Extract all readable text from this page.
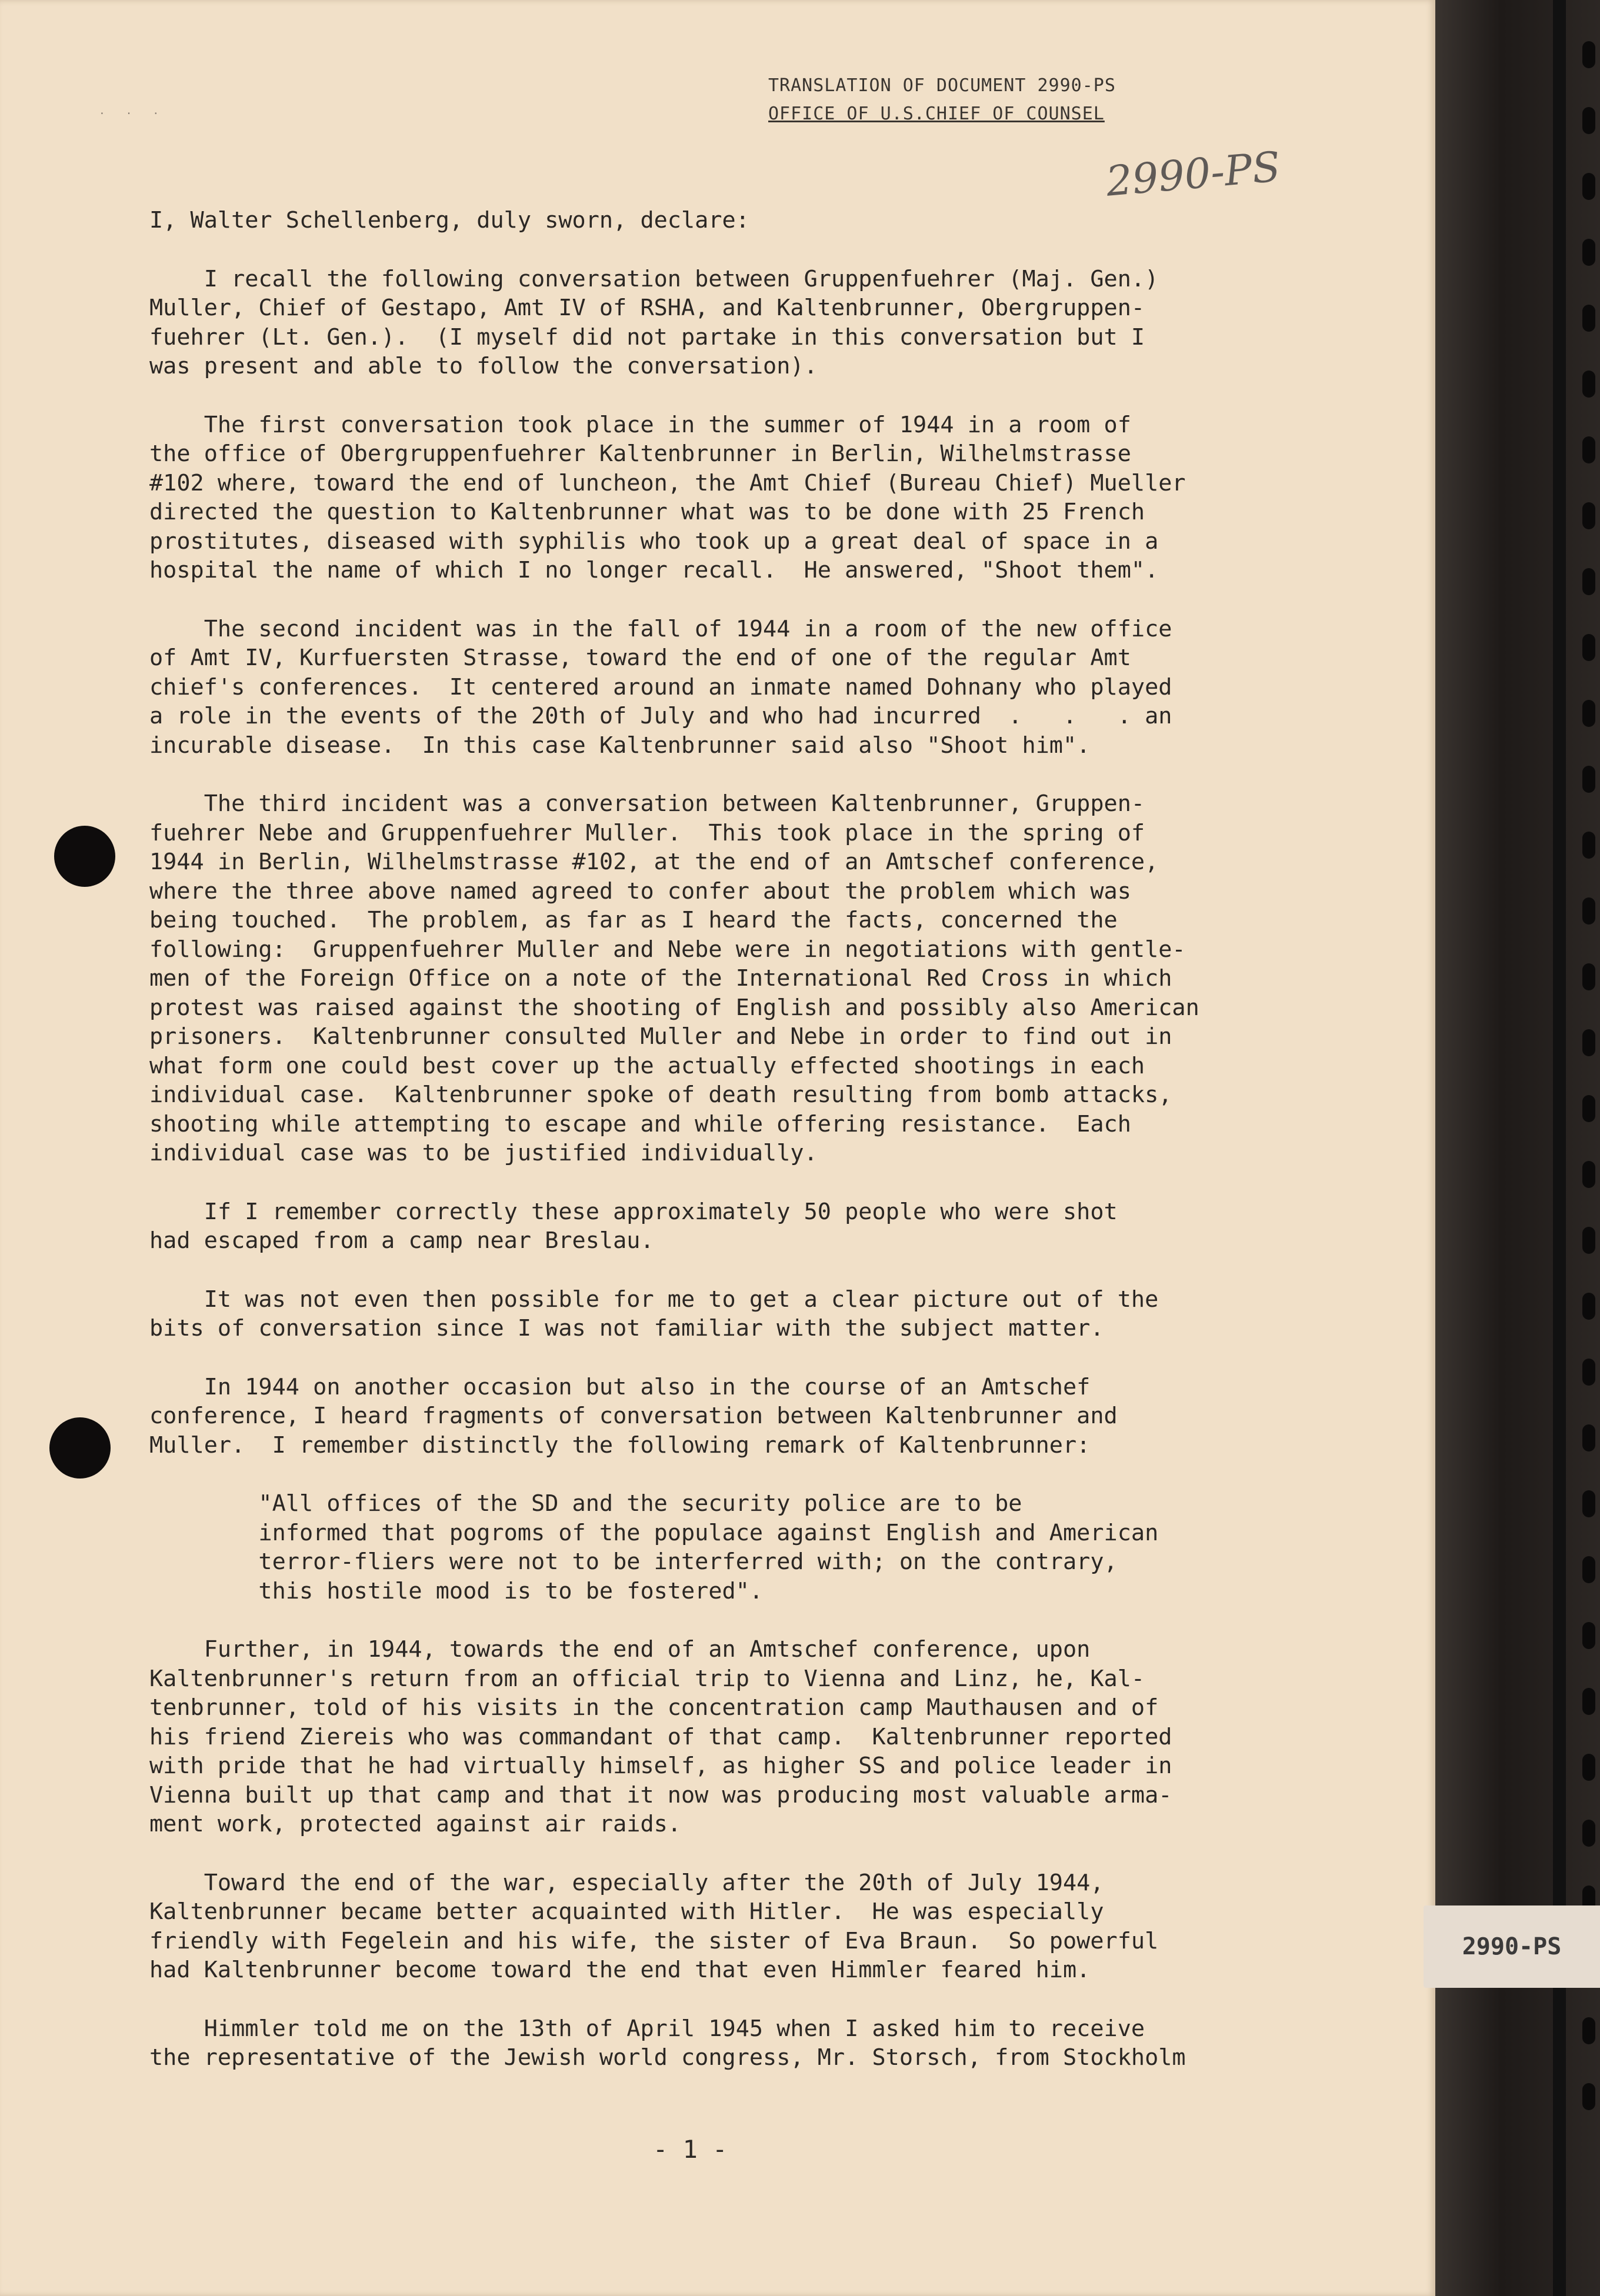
. . .
TRANSLATION OF DOCUMENT 2990-PS
OFFICE OF U.S.CHIEF OF COUNSEL
2990-PS

I, Walter Schellenberg, duly sworn, declare:

I recall the following conversation between Gruppenfuehrer (Maj. Gen.)

Muller, Chief of Gestapo, Amt IV of RSHA, and Kaltenbrunner, Obergruppen-

fuehrer (Lt. Gen.).  (I myself did not partake in this conversation but I

was present and able to follow the conversation).

The first conversation took place in the summer of 1944 in a room of

the office of Obergruppenfuehrer Kaltenbrunner in Berlin, Wilhelmstrasse

#102 where, toward the end of luncheon, the Amt Chief (Bureau Chief) Mueller

directed the question to Kaltenbrunner what was to be done with 25 French

prostitutes, diseased with syphilis who took up a great deal of space in a

hospital the name of which I no longer recall.  He answered, "Shoot them".

The second incident was in the fall of 1944 in a room of the new office

of Amt IV, Kurfuersten Strasse, toward the end of one of the regular Amt

chief's conferences.  It centered around an inmate named Dohnany who played

a role in the events of the 20th of July and who had incurred  .   .   . an

incurable disease.  In this case Kaltenbrunner said also "Shoot him".

The third incident was a conversation between Kaltenbrunner, Gruppen-

fuehrer Nebe and Gruppenfuehrer Muller.  This took place in the spring of

1944 in Berlin, Wilhelmstrasse #102, at the end of an Amtschef conference,

where the three above named agreed to confer about the problem which was

being touched.  The problem, as far as I heard the facts, concerned the

following:  Gruppenfuehrer Muller and Nebe were in negotiations with gentle-

men of the Foreign Office on a note of the International Red Cross in which

protest was raised against the shooting of English and possibly also American

prisoners.  Kaltenbrunner consulted Muller and Nebe in order to find out in

what form one could best cover up the actually effected shootings in each

individual case.  Kaltenbrunner spoke of death resulting from bomb attacks,

shooting while attempting to escape and while offering resistance.  Each

individual case was to be justified individually.

If I remember correctly these approximately 50 people who were shot

had escaped from a camp near Breslau.

It was not even then possible for me to get a clear picture out of the

bits of conversation since I was not familiar with the subject matter.

In 1944 on another occasion but also in the course of an Amtschef

conference, I heard fragments of conversation between Kaltenbrunner and

Muller.  I remember distinctly the following remark of Kaltenbrunner:

"All offices of the SD and the security police are to be

informed that pogroms of the populace against English and American

terror-fliers were not to be interferred with; on the contrary,

this hostile mood is to be fostered".

Further, in 1944, towards the end of an Amtschef conference, upon

Kaltenbrunner's return from an official trip to Vienna and Linz, he, Kal-

tenbrunner, told of his visits in the concentration camp Mauthausen and of

his friend Ziereis who was commandant of that camp.  Kaltenbrunner reported

with pride that he had virtually himself, as higher SS and police leader in

Vienna built up that camp and that it now was producing most valuable arma-

ment work, protected against air raids.

Toward the end of the war, especially after the 20th of July 1944,

Kaltenbrunner became better acquainted with Hitler.  He was especially

friendly with Fegelein and his wife, the sister of Eva Braun.  So powerful

had Kaltenbrunner become toward the end that even Himmler feared him.

Himmler told me on the 13th of April 1945 when I asked him to receive

the representative of the Jewish world congress, Mr. Storsch, from Stockholm

- 1 -
2990-PS
